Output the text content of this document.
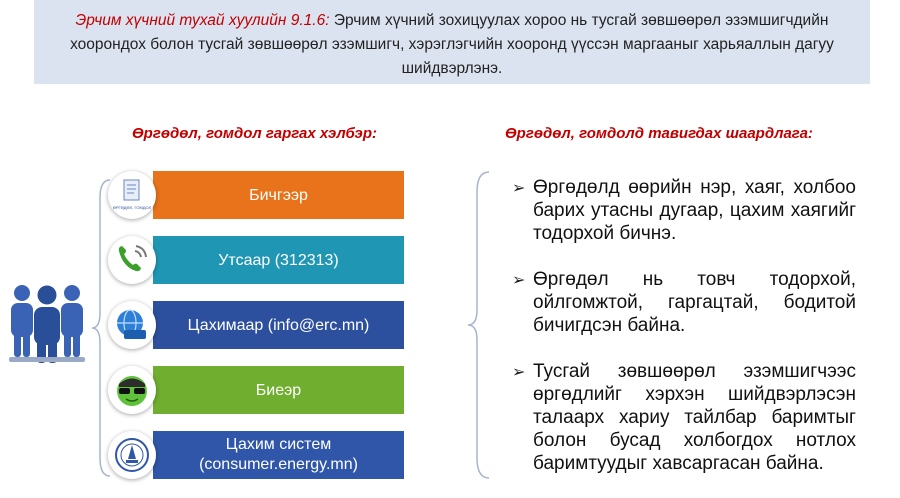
Эрчим хүчний тухай хуулийн 9.1.6: Эрчим хүчний зохицуулах хороо нь тусгай зөвшөөрөл эзэмшигчдийн хоорондох болон тусгай зөвшөөрөл эзэмшигч, хэрэглэгчийн хооронд үүссэн маргааныг харьяаллын дагуу шийдвэрлэнэ.
Өргөдөл, гомдол гаргах хэлбэр:	Өргөдөл, гомдолд тавигдах шаардлага:
ӨРГӨДӨЛ, ГОМДОЛ
Бичгээр
Утсаар (312313)
Цахимаар (info@erc.mn)
Биеэр
Цахим систем (consumer.energy.mn)
➢ Өргөдөлд өөрийн нэр, хаяг, холбоо барих утасны дугаар, цахим хаягийг тодорхой бичнэ.
➢ Өргөдөл нь товч тодорхой, ойлгомжтой, гаргацтай, бодитой бичигдсэн байна.
➢ Тусгай зөвшөөрөл эзэмшигчээс өргөдлийг хэрхэн шийдвэрлэсэн талаарх хариу тайлбар баримтыг болон бусад холбогдох нотлох баримтуудыг хавсаргасан байна.
